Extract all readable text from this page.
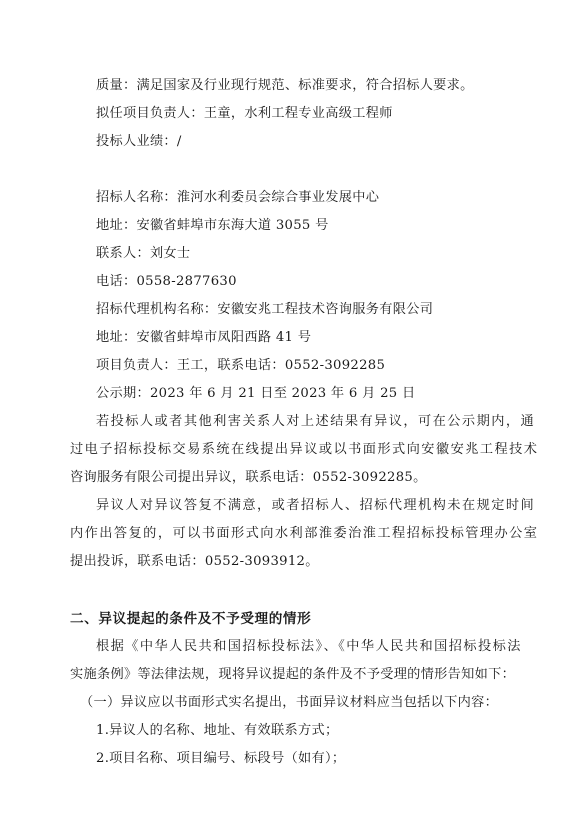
质量：满足国家及行业现行规范、标准要求，符合招标人要求。
拟任项目负责人：王童，水利工程专业高级工程师
投标人业绩：/
招标人名称：淮河水利委员会综合事业发展中心
地址：安徽省蚌埠市东海大道 3055 号
联系人：刘女士
电话：0558-2877630
招标代理机构名称：安徽安兆工程技术咨询服务有限公司
地址：安徽省蚌埠市凤阳西路 41 号
项目负责人：王工，联系电话：0552-3092285
公示期：2023 年 6 月 21 日至 2023 年 6 月 25 日
若投标人或者其他利害关系人对上述结果有异议，可在公示期内，通
过电子招标投标交易系统在线提出异议或以书面形式向安徽安兆工程技术
咨询服务有限公司提出异议，联系电话：0552-3092285。
异议人对异议答复不满意，或者招标人、招标代理机构未在规定时间
内作出答复的，可以书面形式向水利部淮委治淮工程招标投标管理办公室
提出投诉，联系电话：0552-3093912。
二、异议提起的条件及不予受理的情形
根据《中华人民共和国招标投标法》、《中华人民共和国招标投标法
实施条例》等法律法规，现将异议提起的条件及不予受理的情形告知如下：
（一）异议应以书面形式实名提出，书面异议材料应当包括以下内容：
1.异议人的名称、地址、有效联系方式；
2.项目名称、项目编号、标段号（如有）；
